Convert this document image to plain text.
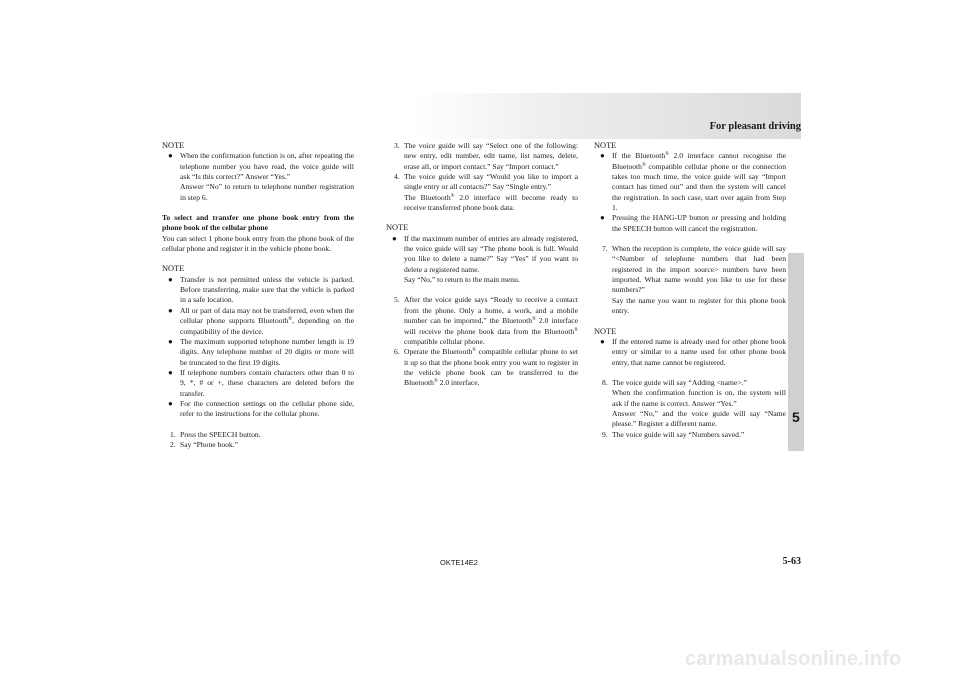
For pleasant driving
5

NOTE

● When the confirmation function is on, after repeating the telephone number you have read, the voice guide will ask “Is this correct?” Answer “Yes.”

Answer “No” to return to telephone number registration in step 6.

To select and transfer one phone book entry from the phone book of the cellular phone

You can select 1 phone book entry from the phone book of the cellular phone and register it in the vehicle phone book.

NOTE

● Transfer is not permitted unless the vehicle is parked. Before transferring, make sure that the vehicle is parked in a safe location.

● All or part of data may not be transferred, even when the cellular phone supports Bluetooth®, depending on the compatibility of the device.

● The maximum supported telephone number length is 19 digits. Any telephone number of 20 digits or more will be truncated to the first 19 digits.

● If telephone numbers contain characters other than 0 to 9, *, # or +, these characters are deleted before the transfer.

● For the connection settings on the cellular phone side, refer to the instructions for the cellular phone.

1. Press the SPEECH button.

2. Say “Phone book.”

3. The voice guide will say “Select one of the following: new entry, edit number, edit name, list names, delete, erase all, or import contact.” Say “Import contact.”

4. The voice guide will say “Would you like to import a single entry or all contacts?” Say “Single entry.”

The Bluetooth® 2.0 interface will become ready to receive transferred phone book data.

NOTE

● If the maximum number of entries are already registered, the voice guide will say “The phone book is full. Would you like to delete a name?” Say “Yes” if you want to delete a registered name.

Say “No,” to return to the main menu.

5. After the voice guide says “Ready to receive a contact from the phone. Only a home, a work, and a mobile number can be imported,” the Bluetooth® 2.0 interface will receive the phone book data from the Bluetooth® compatible cellular phone.

6. Operate the Bluetooth® compatible cellular phone to set it up so that the phone book entry you want to register in the vehicle phone book can be transferred to the Bluetooth® 2.0 interface.

NOTE

● If the Bluetooth® 2.0 interface cannot recognise the Bluetooth® compatible cellular phone or the connection takes too much time, the voice guide will say “Import contact has timed out” and then the system will cancel the registration. In such case, start over again from Step 1.

● Pressing the HANG-UP button or pressing and holding the SPEECH button will cancel the registration.

7. When the reception is complete, the voice guide will say “<Number of telephone numbers that had been registered in the import source> numbers have been imported. What name would you like to use for these numbers?”

Say the name you want to register for this phone book entry.

NOTE

● If the entered name is already used for other phone book entry or similar to a name used for other phone book entry, that name cannot be registered.

8. The voice guide will say “Adding <name>.”

When the confirmation function is on, the system will ask if the name is correct. Answer “Yes.”

Answer “No,” and the voice guide will say “Name please.” Register a different name.

9. The voice guide will say “Numbers saved.”

OKTE14E2	5-63
carmanualsonline.info
